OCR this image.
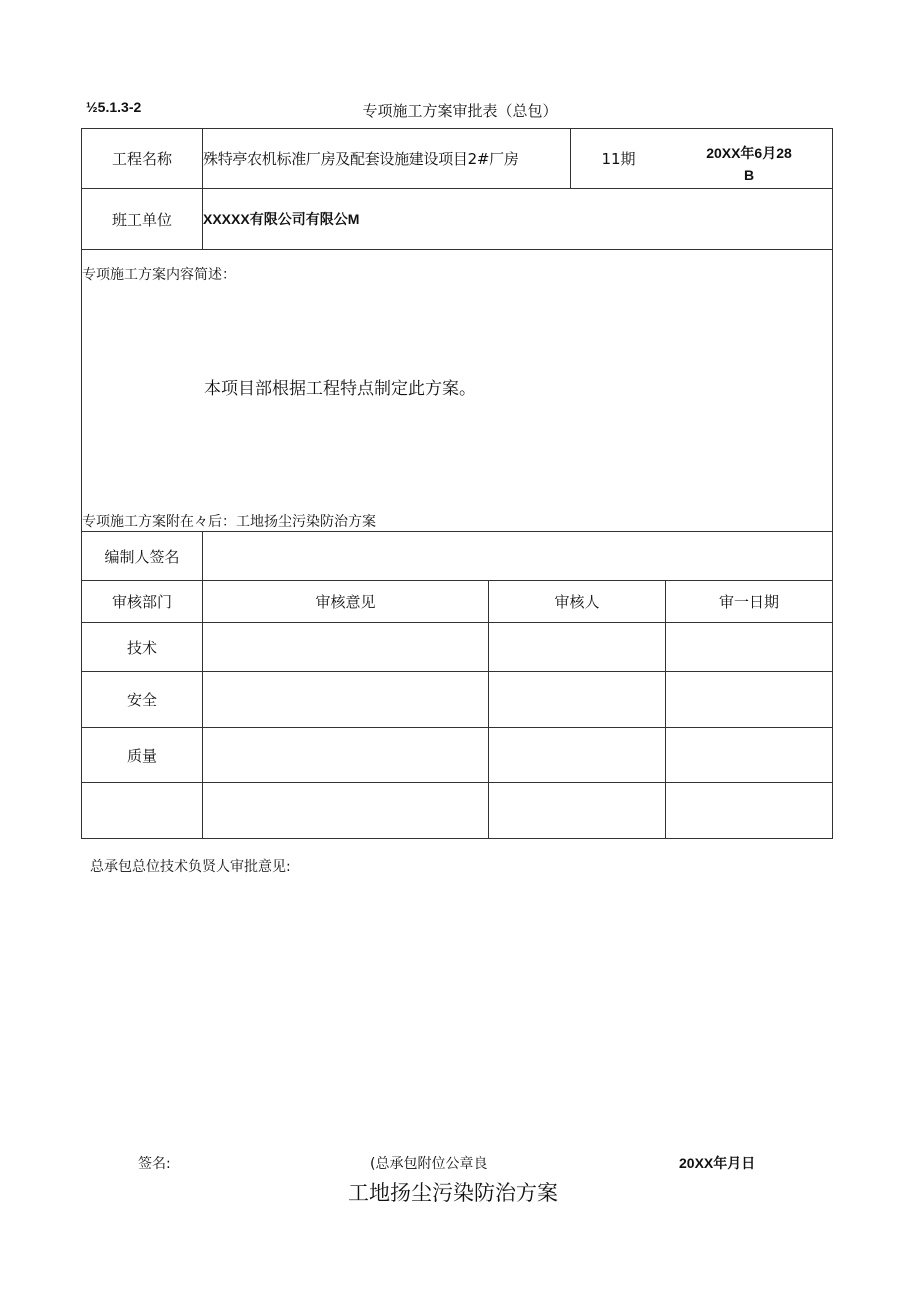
½5.1.3-2	专项施工方案审批表（总包）
工程名称	殊特亭农机标准厂房及配套设施建设项目2#厂房	11期	20XX年6月28
B
班工单位	XXXXX有限公司有限公M
专项施工方案内容简述：
本项目部根据工程特点制定此方案。
专项施工方案附在々后：工地扬尘污染防治方案
编制人签名
审核部门	审核意见	审核人	审一日期
技术
安全
质量
总承包总位技术负贤人审批意见:
签名:	(总承包附位公章良	20XX年月日
工地扬尘污染防治方案
